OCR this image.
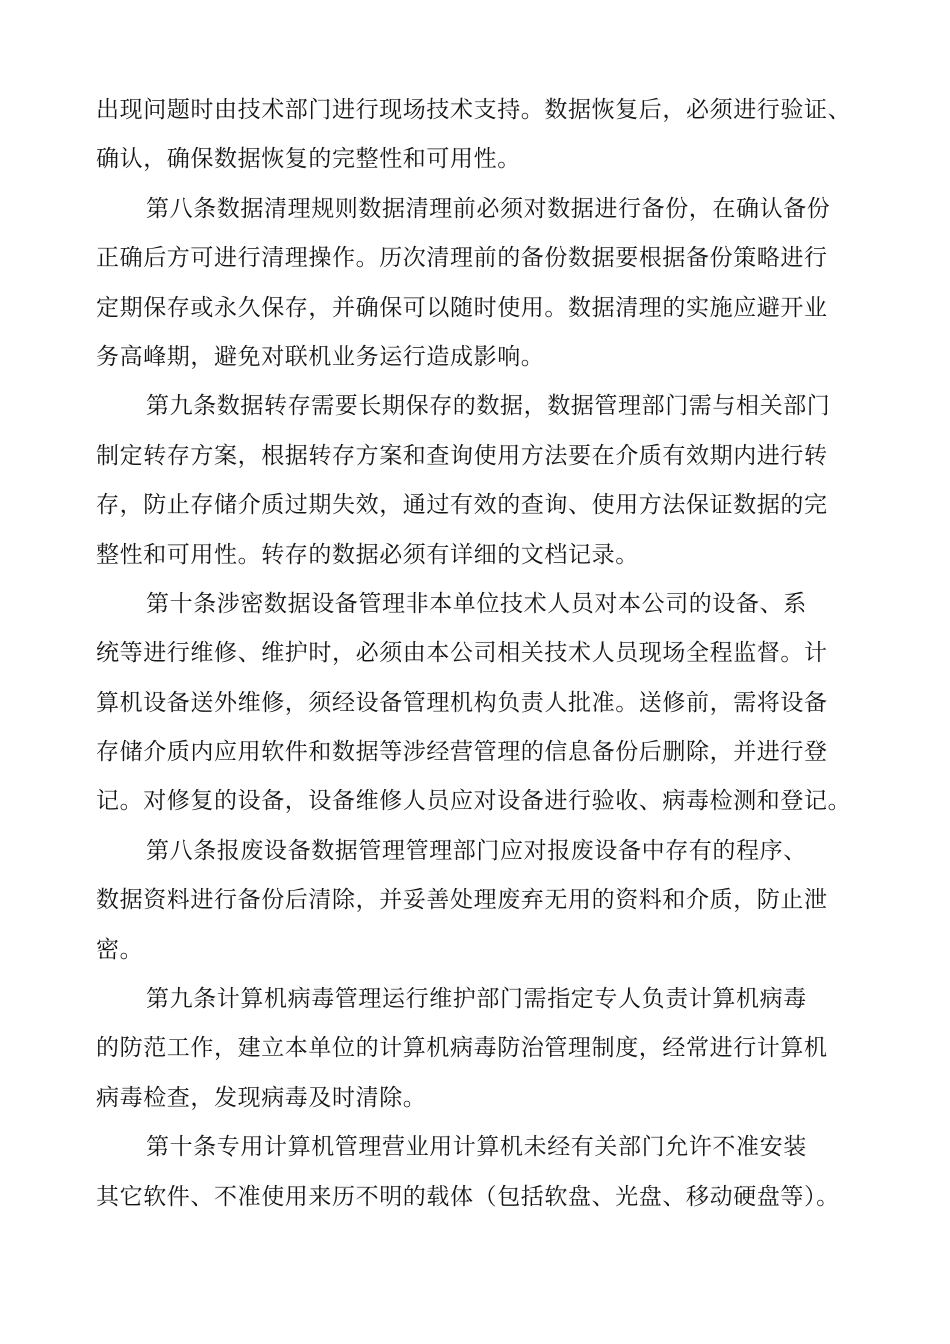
出现问题时由技术部门进行现场技术支持。数据恢复后，必须进行验证、
确认，确保数据恢复的完整性和可用性。

第八条数据清理规则数据清理前必须对数据进行备份，在确认备份
正确后方可进行清理操作。历次清理前的备份数据要根据备份策略进行
定期保存或永久保存，并确保可以随时使用。数据清理的实施应避开业
务高峰期，避免对联机业务运行造成影响。

第九条数据转存需要长期保存的数据，数据管理部门需与相关部门
制定转存方案，根据转存方案和查询使用方法要在介质有效期内进行转
存，防止存储介质过期失效，通过有效的查询、使用方法保证数据的完
整性和可用性。转存的数据必须有详细的文档记录。

第十条涉密数据设备管理非本单位技术人员对本公司的设备、系
统等进行维修、维护时，必须由本公司相关技术人员现场全程监督。计
算机设备送外维修，须经设备管理机构负责人批准。送修前，需将设备
存储介质内应用软件和数据等涉经营管理的信息备份后删除，并进行登
记。对修复的设备，设备维修人员应对设备进行验收、病毒检测和登记。

第八条报废设备数据管理管理部门应对报废设备中存有的程序、
数据资料进行备份后清除，并妥善处理废弃无用的资料和介质，防止泄
密。

第九条计算机病毒管理运行维护部门需指定专人负责计算机病毒
的防范工作，建立本单位的计算机病毒防治管理制度，经常进行计算机
病毒检查，发现病毒及时清除。

第十条专用计算机管理营业用计算机未经有关部门允许不准安装
其它软件、不准使用来历不明的载体（包括软盘、光盘、移动硬盘等）。
